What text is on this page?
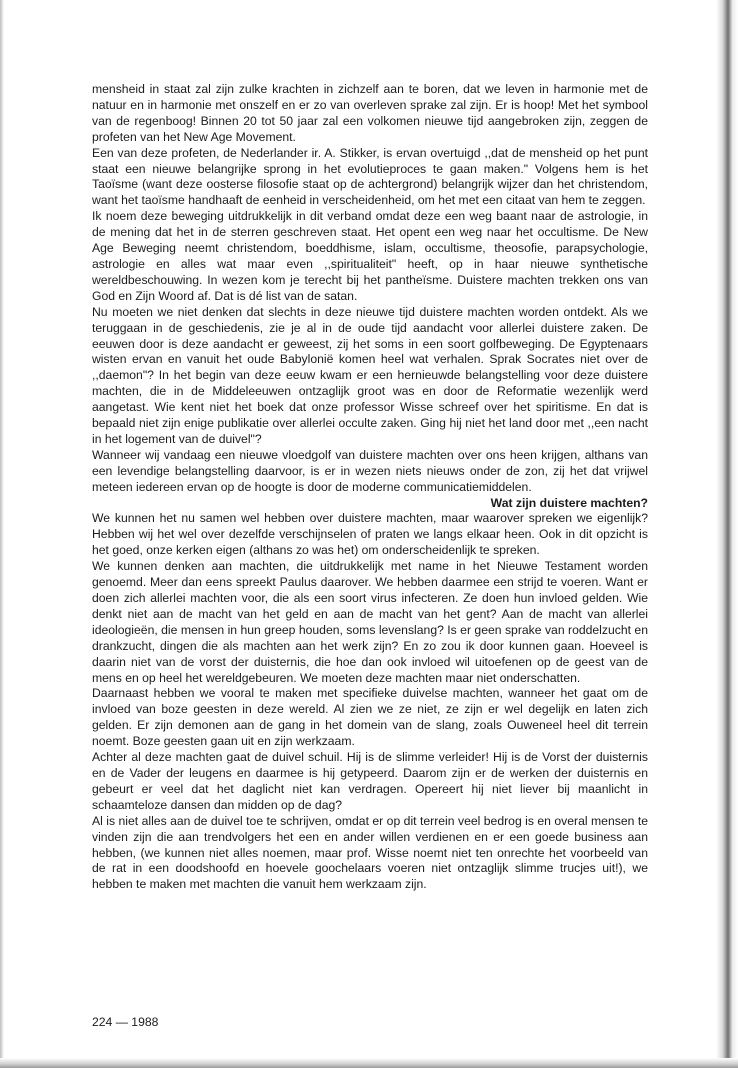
mensheid in staat zal zijn zulke krachten in zichzelf aan te boren, dat we leven in harmonie met de natuur en in harmonie met onszelf en er zo van overleven sprake zal zijn. Er is hoop! Met het symbool van de regenboog! Binnen 20 tot 50 jaar zal een volkomen nieuwe tijd aangebroken zijn, zeggen de profeten van het New Age Movement.

Een van deze profeten, de Nederlander ir. A. Stikker, is ervan overtuigd ,,dat de mensheid op het punt staat een nieuwe belangrijke sprong in het evolutieproces te gaan maken." Volgens hem is het Taoïsme (want deze oosterse filosofie staat op de achtergrond) belangrijk wijzer dan het christendom, want het taoïsme handhaaft de eenheid in verscheidenheid, om het met een citaat van hem te zeggen.

Ik noem deze beweging uitdrukkelijk in dit verband omdat deze een weg baant naar de astrologie, in de mening dat het in de sterren geschreven staat. Het opent een weg naar het occultisme. De New Age Beweging neemt christendom, boeddhisme, islam, occultisme, theosofie, parapsychologie, astrologie en alles wat maar even ,,spiritualiteit" heeft, op in haar nieuwe synthetische wereldbeschouwing. In wezen kom je terecht bij het pantheïsme. Duistere machten trekken ons van God en Zijn Woord af. Dat is dé list van de satan.

Nu moeten we niet denken dat slechts in deze nieuwe tijd duistere machten worden ontdekt. Als we teruggaan in de geschiedenis, zie je al in de oude tijd aandacht voor allerlei duistere zaken. De eeuwen door is deze aandacht er geweest, zij het soms in een soort golfbeweging. De Egyptenaars wisten ervan en vanuit het oude Babylonië komen heel wat verhalen. Sprak Socrates niet over de ,,daemon"? In het begin van deze eeuw kwam er een hernieuwde belangstelling voor deze duistere machten, die in de Middeleeuwen ontzaglijk groot was en door de Reformatie wezenlijk werd aangetast. Wie kent niet het boek dat onze professor Wisse schreef over het spiritisme. En dat is bepaald niet zijn enige publikatie over allerlei occulte zaken. Ging hij niet het land door met ,,een nacht in het logement van de duivel"?

Wanneer wij vandaag een nieuwe vloedgolf van duistere machten over ons heen krijgen, althans van een levendige belangstelling daarvoor, is er in wezen niets nieuws onder de zon, zij het dat vrijwel meteen iedereen ervan op de hoogte is door de moderne communicatiemiddelen.

Wat zijn duistere machten?

We kunnen het nu samen wel hebben over duistere machten, maar waarover spreken we eigenlijk? Hebben wij het wel over dezelfde verschijnselen of praten we langs elkaar heen. Ook in dit opzicht is het goed, onze kerken eigen (althans zo was het) om onderscheidenlijk te spreken.

We kunnen denken aan machten, die uitdrukkelijk met name in het Nieuwe Testament worden genoemd. Meer dan eens spreekt Paulus daarover. We hebben daarmee een strijd te voeren. Want er doen zich allerlei machten voor, die als een soort virus infecteren. Ze doen hun invloed gelden. Wie denkt niet aan de macht van het geld en aan de macht van het gent? Aan de macht van allerlei ideologieën, die mensen in hun greep houden, soms levenslang? Is er geen sprake van roddelzucht en drankzucht, dingen die als machten aan het werk zijn? En zo zou ik door kunnen gaan. Hoeveel is daarin niet van de vorst der duisternis, die hoe dan ook invloed wil uitoefenen op de geest van de mens en op heel het wereldgebeuren. We moeten deze machten maar niet onderschatten.

Daarnaast hebben we vooral te maken met specifieke duivelse machten, wanneer het gaat om de invloed van boze geesten in deze wereld. Al zien we ze niet, ze zijn er wel degelijk en laten zich gelden. Er zijn demonen aan de gang in het domein van de slang, zoals Ouweneel heel dit terrein noemt. Boze geesten gaan uit en zijn werkzaam.

Achter al deze machten gaat de duivel schuil. Hij is de slimme verleider! Hij is de Vorst der duisternis en de Vader der leugens en daarmee is hij getypeerd. Daarom zijn er de werken der duisternis en gebeurt er veel dat het daglicht niet kan verdragen. Opereert hij niet liever bij maanlicht in schaamteloze dansen dan midden op de dag?

Al is niet alles aan de duivel toe te schrijven, omdat er op dit terrein veel bedrog is en overal mensen te vinden zijn die aan trendvolgers het een en ander willen verdienen en er een goede business aan hebben, (we kunnen niet alles noemen, maar prof. Wisse noemt niet ten onrechte het voorbeeld van de rat in een doodshoofd en hoevele goochelaars voeren niet ontzaglijk slimme trucjes uit!), we hebben te maken met machten die vanuit hem werkzaam zijn.

224 — 1988
